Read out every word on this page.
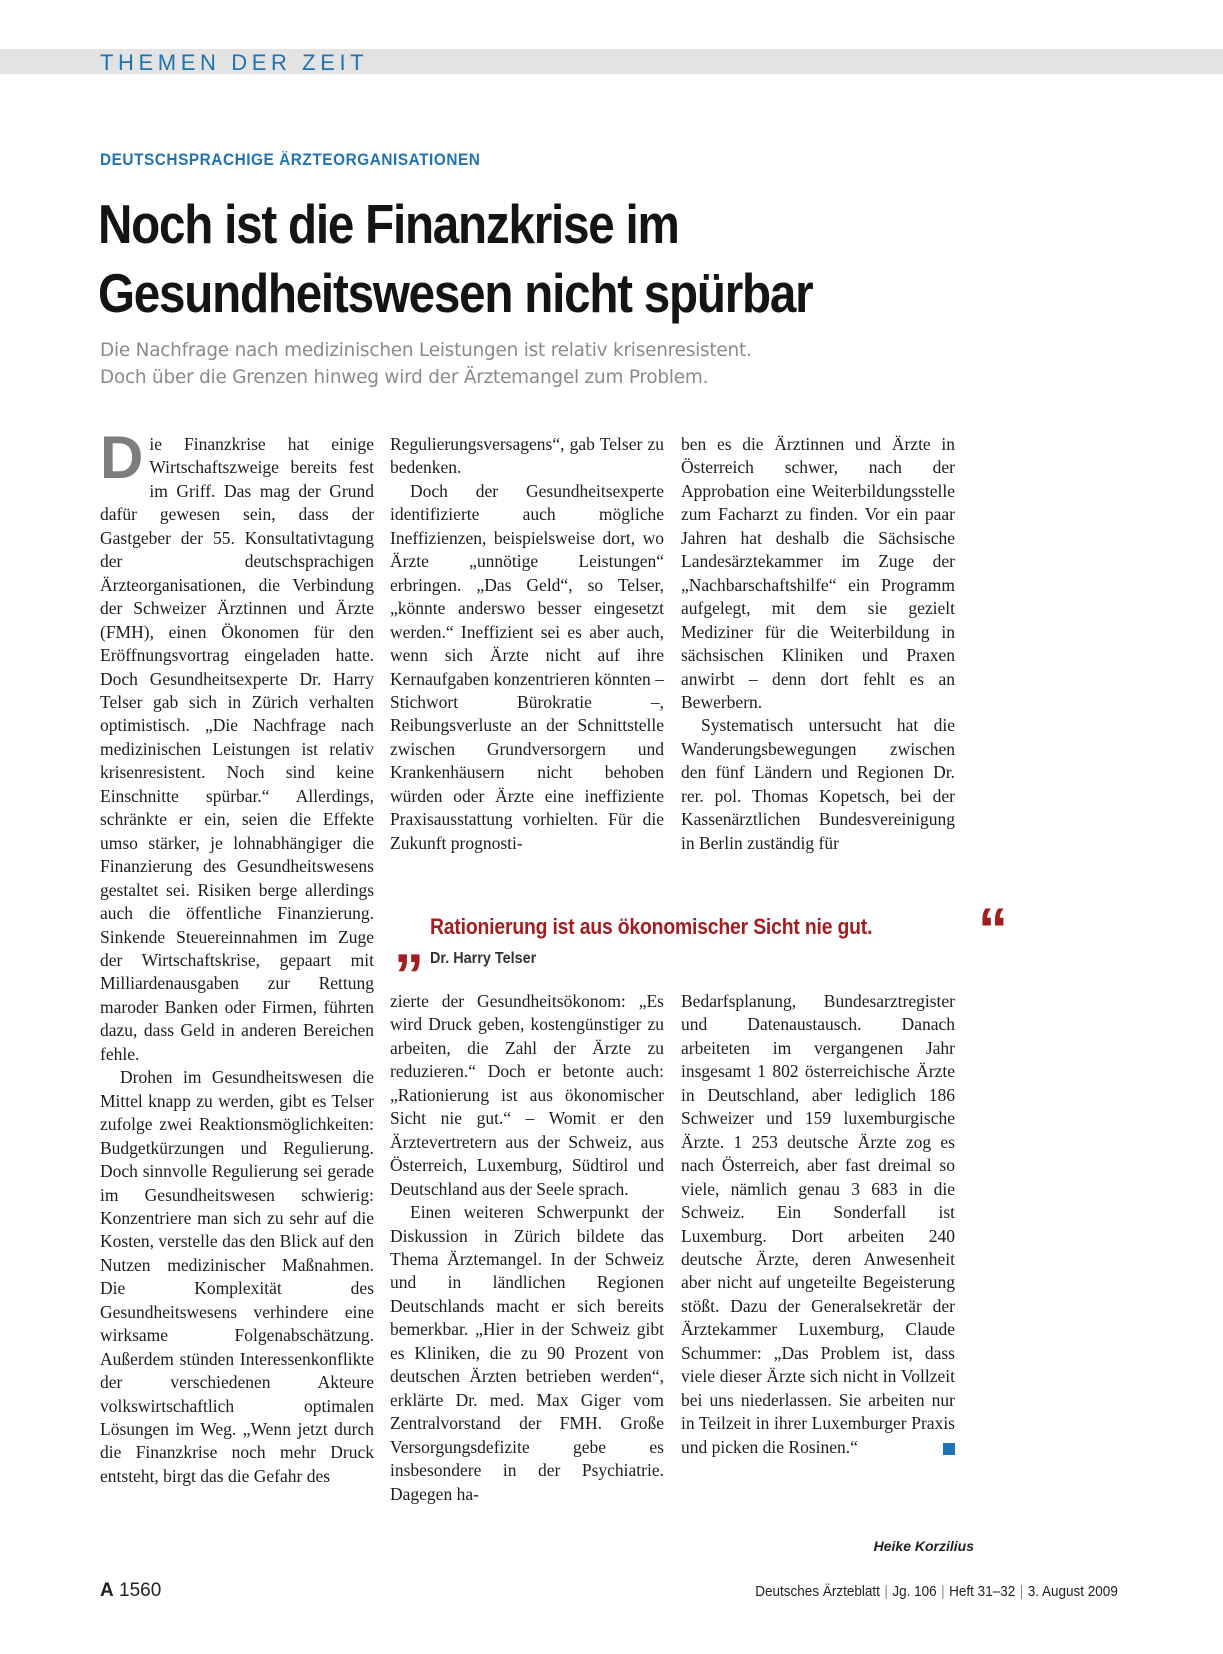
THEMEN DER ZEIT
DEUTSCHSPRACHIGE ÄRZTEORGANISATIONEN
Noch ist die Finanzkrise im
Gesundheitswesen nicht spürbar
Die Nachfrage nach medizinischen Leistungen ist relativ krisenresistent.
Doch über die Grenzen hinweg wird der Ärztemangel zum Problem.

Die Finanzkrise hat einige Wirtschaftszweige bereits fest im Griff. Das mag der Grund dafür gewesen sein, dass der Gastgeber der 55. Konsultativtagung der deutschsprachigen Ärzteorganisationen, die Verbindung der Schweizer Ärztinnen und Ärzte (FMH), einen Ökonomen für den Eröffnungsvortrag eingeladen hatte. Doch Gesundheitsexperte Dr. Harry Telser gab sich in Zürich verhalten optimistisch. „Die Nachfrage nach medizinischen Leistungen ist relativ krisenresistent. Noch sind keine Einschnitte spürbar.“ Allerdings, schränkte er ein, seien die Effekte umso stärker, je lohnabhängiger die Finanzierung des Gesundheitswesens gestaltet sei. Risiken berge allerdings auch die öffentliche Finanzierung. Sinkende Steuereinnahmen im Zuge der Wirtschaftskrise, gepaart mit Milliardenausgaben zur Rettung maroder Banken oder Firmen, führten dazu, dass Geld in anderen Bereichen fehle.

Drohen im Gesundheitswesen die Mittel knapp zu werden, gibt es Telser zufolge zwei Reaktionsmöglichkeiten: Budgetkürzungen und Regulierung. Doch sinnvolle Regulierung sei gerade im Gesundheitswesen schwierig: Konzentriere man sich zu sehr auf die Kosten, verstelle das den Blick auf den Nutzen medizinischer Maßnahmen. Die Komplexität des Gesundheitswesens verhindere eine wirksame Folgenabschätzung. Außerdem stünden Interessenkonflikte der verschiedenen Akteure volkswirtschaftlich optimalen Lösungen im Weg. „Wenn jetzt durch die Finanzkrise noch mehr Druck entsteht, birgt das die Gefahr des

Regulierungsversagens“, gab Telser zu bedenken.

Doch der Gesundheitsexperte identifizierte auch mögliche Ineffizienzen, beispielsweise dort, wo Ärzte „unnötige Leistungen“ erbringen. „Das Geld“, so Telser, „könnte anderswo besser eingesetzt werden.“ Ineffizient sei es aber auch, wenn sich Ärzte nicht auf ihre Kernaufgaben konzentrieren könnten – Stichwort Bürokratie –, Reibungsverluste an der Schnittstelle zwischen Grundversorgern und Krankenhäusern nicht behoben würden oder Ärzte eine ineffiziente Praxisausstattung vorhielten. Für die Zukunft prognosti-

ben es die Ärztinnen und Ärzte in Österreich schwer, nach der Approbation eine Weiterbildungsstelle zum Facharzt zu finden. Vor ein paar Jahren hat deshalb die Sächsische Landesärztekammer im Zuge der „Nachbarschaftshilfe“ ein Programm aufgelegt, mit dem sie gezielt Mediziner für die Weiterbildung in sächsischen Kliniken und Praxen anwirbt – denn dort fehlt es an Bewerbern.

Systematisch untersucht hat die Wanderungsbewegungen zwischen den fünf Ländern und Regionen Dr. rer. pol. Thomas Kopetsch, bei der Kassenärztlichen Bundesvereinigung in Berlin zuständig für

„ Rationierung ist aus ökonomischer Sicht nie gut. “
Dr. Harry Telser

zierte der Gesundheitsökonom: „Es wird Druck geben, kostengünstiger zu arbeiten, die Zahl der Ärzte zu reduzieren.“ Doch er betonte auch: „Rationierung ist aus ökonomischer Sicht nie gut.“ – Womit er den Ärztevertretern aus der Schweiz, aus Österreich, Luxemburg, Südtirol und Deutschland aus der Seele sprach.

Einen weiteren Schwerpunkt der Diskussion in Zürich bildete das Thema Ärztemangel. In der Schweiz und in ländlichen Regionen Deutschlands macht er sich bereits bemerkbar. „Hier in der Schweiz gibt es Kliniken, die zu 90 Prozent von deutschen Ärzten betrieben werden“, erklärte Dr. med. Max Giger vom Zentralvorstand der FMH. Große Versorgungsdefizite gebe es insbesondere in der Psychiatrie. Dagegen ha-

Bedarfsplanung, Bundesarztregister und Datenaustausch. Danach arbeiteten im vergangenen Jahr insgesamt 1 802 österreichische Ärzte in Deutschland, aber lediglich 186 Schweizer und 159 luxemburgische Ärzte. 1 253 deutsche Ärzte zog es nach Österreich, aber fast dreimal so viele, nämlich genau 3 683 in die Schweiz. Ein Sonderfall ist Luxemburg. Dort arbeiten 240 deutsche Ärzte, deren Anwesenheit aber nicht auf ungeteilte Begeisterung stößt. Dazu der Generalsekretär der Ärztekammer Luxemburg, Claude Schummer: „Das Problem ist, dass viele dieser Ärzte sich nicht in Vollzeit bei uns niederlassen. Sie arbeiten nur in Teilzeit in ihrer Luxemburger Praxis und picken die Rosinen.“

Heike Korzilius
A 1560	Deutsches Ärzteblatt | Jg. 106 | Heft 31–32 | 3. August 2009
